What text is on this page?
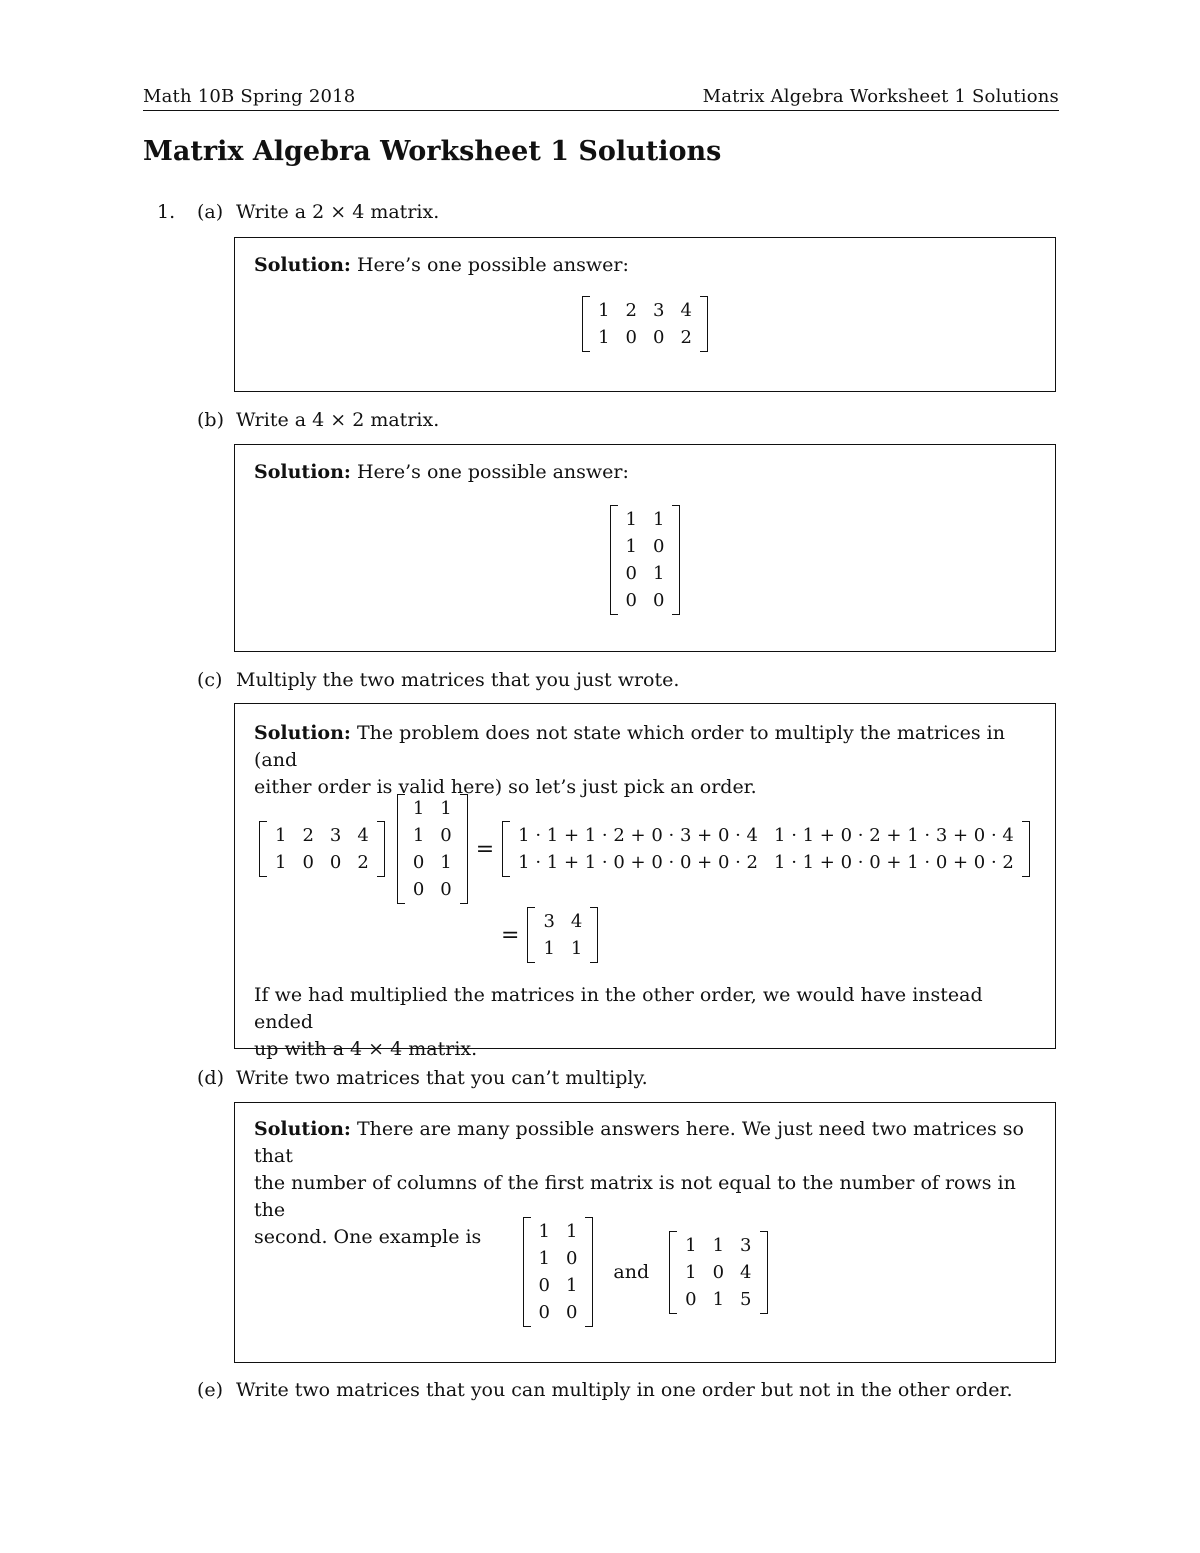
Math 10B Spring 2018	Matrix Algebra Worksheet 1 Solutions
Matrix Algebra Worksheet 1 Solutions
1. (a) Write a 2 × 4 matrix.
Solution: Here’s one possible answer:
1	2	3	4
1	0	0	2
(b) Write a 4 × 2 matrix.
Solution: Here’s one possible answer:
1	1
1	0
0	1
0	0
(c) Multiply the two matrices that you just wrote.
Solution: The problem does not state which order to multiply the matrices in (and
either order is valid here) so let’s just pick an order.
1	2	3	4
1	0	0	2
1	1
1	0
0	1
0	0
=
1 · 1 + 1 · 2 + 0 · 3 + 0 · 4	1 · 1 + 0 · 2 + 1 · 3 + 0 · 4
1 · 1 + 1 · 0 + 0 · 0 + 0 · 2	1 · 1 + 0 · 0 + 1 · 0 + 0 · 2
=
3	4
1	1
If we had multiplied the matrices in the other order, we would have instead ended
up with a 4 × 4 matrix.
(d) Write two matrices that you can’t multiply.
Solution: There are many possible answers here. We just need two matrices so that
the number of columns of the first matrix is not equal to the number of rows in the
second. One example is	1	1
1	0
0	1
0	0
and
1	1	3
1	0	4
0	1	5
(e) Write two matrices that you can multiply in one order but not in the other order.
